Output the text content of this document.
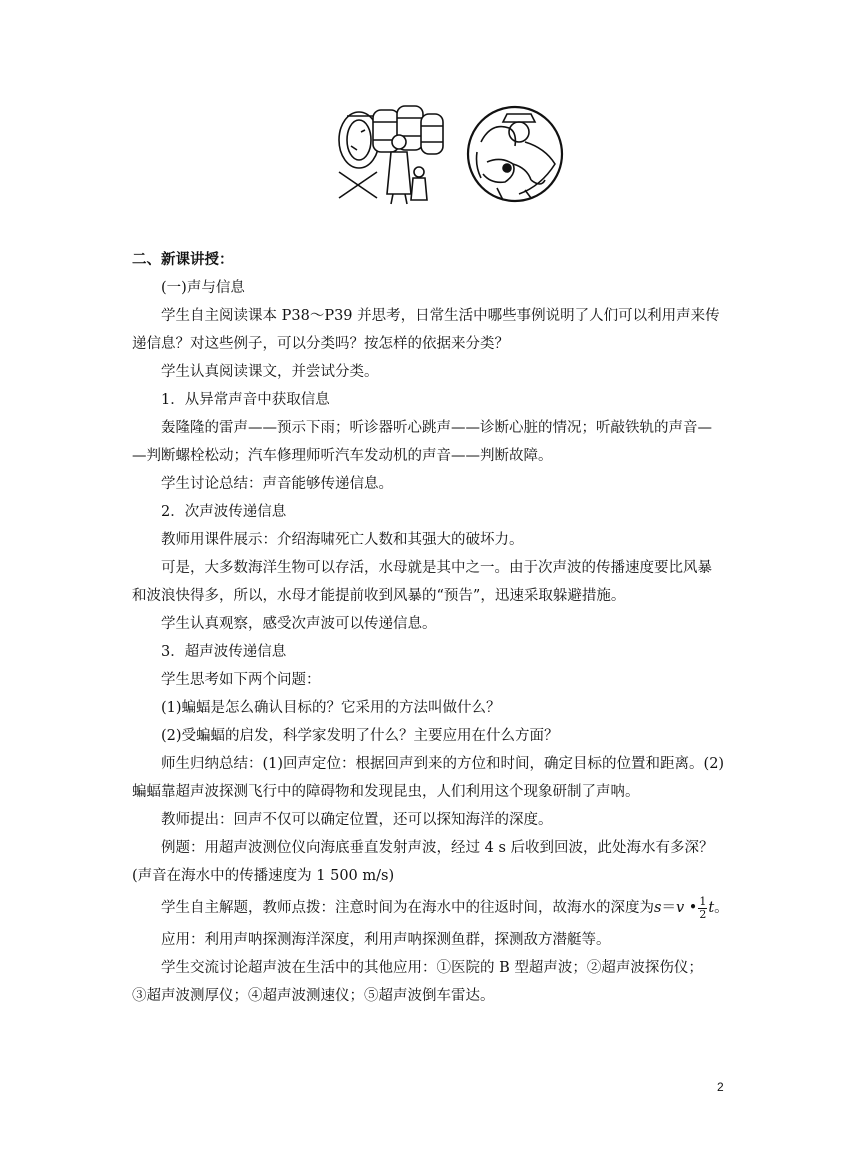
二、新课讲授：
(一)声与信息
学生自主阅读课本 P38～P39 并思考，日常生活中哪些事例说明了人们可以利用声来传
递信息？对这些例子，可以分类吗？按怎样的依据来分类？
学生认真阅读课文，并尝试分类。
1．从异常声音中获取信息
轰隆隆的雷声——预示下雨；听诊器听心跳声——诊断心脏的情况；听敲铁轨的声音—
—判断螺栓松动；汽车修理师听汽车发动机的声音——判断故障。
学生讨论总结：声音能够传递信息。
2．次声波传递信息
教师用课件展示：介绍海啸死亡人数和其强大的破坏力。
可是，大多数海洋生物可以存活，水母就是其中之一。由于次声波的传播速度要比风暴
和波浪快得多，所以，水母才能提前收到风暴的“预告”，迅速采取躲避措施。
学生认真观察，感受次声波可以传递信息。
3．超声波传递信息
学生思考如下两个问题：
(1)蝙蝠是怎么确认目标的？它采用的方法叫做什么？
(2)受蝙蝠的启发，科学家发明了什么？主要应用在什么方面？
师生归纳总结：(1)回声定位：根据回声到来的方位和时间，确定目标的位置和距离。(2)
蝙蝠靠超声波探测飞行中的障碍物和发现昆虫，人们利用这个现象研制了声呐。
教师提出：回声不仅可以确定位置，还可以探知海洋的深度。
例题：用超声波测位仪向海底垂直发射声波，经过 4 s 后收到回波，此处海水有多深？
(声音在海水中的传播速度为 1 500 m/s)
学生自主解题，教师点拨：注意时间为在海水中的往返时间，故海水的深度为s＝v • $\frac{1}{2}$ t。
应用：利用声呐探测海洋深度，利用声呐探测鱼群，探测敌方潜艇等。
学生交流讨论超声波在生活中的其他应用：①医院的 B 型超声波；②超声波探伤仪；
③超声波测厚仪；④超声波测速仪；⑤超声波倒车雷达。
2
